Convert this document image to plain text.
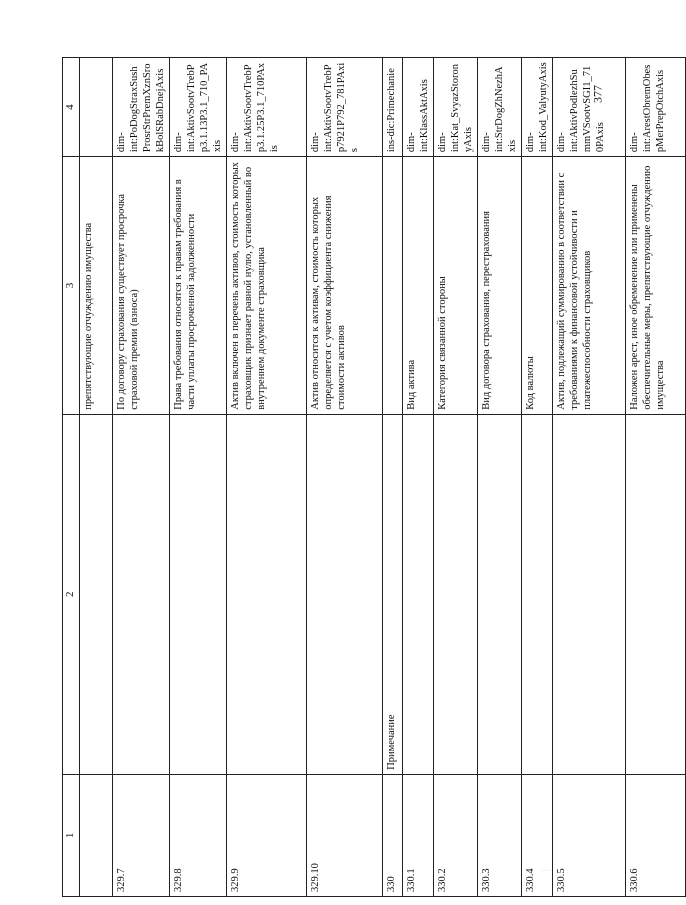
377
1	2	3	4
		препятствующие отчуждению имущества	
329.7		По договору страхования существует просрочка страховой премии (взноса)	dim-int:PoDogStraxSushProsrStrPremXznSrokBolSRabDnejAxis
329.8		Права требования относятся к правам требования в части уплаты просроченной задолженности	dim-int:AktivSootvTrebPp3.1.13P3.1_710_PAxis
329.9		Актив включен в перечень активов, стоимость которых страховщик признает равной нулю, установленный во внутреннем документе страховщика	dim-int:AktivSootvTrebPp3.1.25P3.1_710PAxis
329.10		Актив относится к активам, стоимость которых определяется с учетом коэффициента снижения стоимости активов	dim-int:AktivSootvTrebPp7921P792_781PAxis
330	Примечание		ins-dic:Primechanie
330.1		Вид актива	dim-int:KlassAktAxis
330.2		Категория связанной стороны	dim-int:Kat_SvyazStoronyAxis
330.3		Вид договора страхования, перестрахования	dim-int:StrDogZhNezhAxis
330.4		Код валюты	dim-int:Kod_ValyutyAxis
330.5		Актив, подлежащий суммированию в соответствии с требованиями к финансовой устойчивости и платежеспособности страховщиков	dim-int:AktivPodlezhSummVSootvSGI1_710PAxis
330.6		Наложен арест, иное обременение или применены обеспечительные меры, препятствующие отчуждению имущества	dim-int:ArestObremObespMerPrepOtchAxis
· · ·
